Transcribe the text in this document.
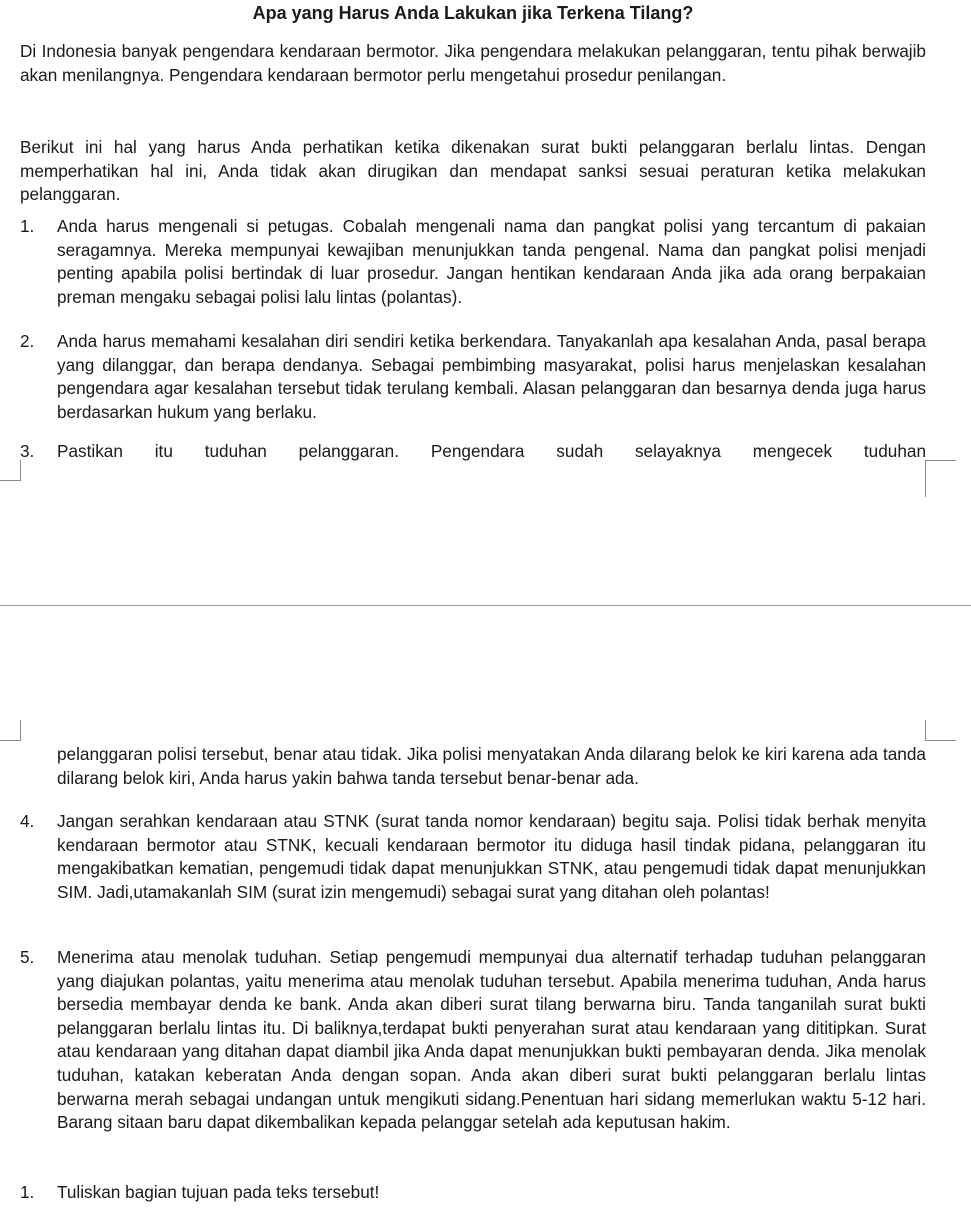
Apa yang Harus Anda Lakukan jika Terkena Tilang?

Di Indonesia banyak pengendara kendaraan bermotor. Jika pengendara melakukan pelanggaran, tentu pihak berwajib akan menilangnya. Pengendara kendaraan bermotor perlu mengetahui prosedur penilangan.

Berikut ini hal yang harus Anda perhatikan ketika dikenakan surat bukti pelanggaran berlalu lintas. Dengan memperhatikan hal ini, Anda tidak akan dirugikan dan mendapat sanksi sesuai peraturan ketika melakukan pelanggaran.

1. Anda harus mengenali si petugas. Cobalah mengenali nama dan pangkat polisi yang tercantum di pakaian seragamnya. Mereka mempunyai kewajiban menunjukkan tanda pengenal. Nama dan pangkat polisi menjadi penting apabila polisi bertindak di luar prosedur. Jangan hentikan kendaraan Anda jika ada orang berpakaian preman mengaku sebagai polisi lalu lintas (polantas).

2. Anda harus memahami kesalahan diri sendiri ketika berkendara. Tanyakanlah apa kesalahan Anda, pasal berapa yang dilanggar, dan berapa dendanya. Sebagai pembimbing masyarakat, polisi harus menjelaskan kesalahan pengendara agar kesalahan tersebut tidak terulang kembali. Alasan pelanggaran dan besarnya denda juga harus berdasarkan hukum yang berlaku.

3. Pastikan itu tuduhan pelanggaran. Pengendara sudah selayaknya mengecek tuduhan

pelanggaran polisi tersebut, benar atau tidak. Jika polisi menyatakan Anda dilarang belok ke kiri karena ada tanda dilarang belok kiri, Anda harus yakin bahwa tanda tersebut benar-benar ada.

4. Jangan serahkan kendaraan atau STNK (surat tanda nomor kendaraan) begitu saja. Polisi tidak berhak menyita kendaraan bermotor atau STNK, kecuali kendaraan bermotor itu diduga hasil tindak pidana, pelanggaran itu mengakibatkan kematian, pengemudi tidak dapat menunjukkan STNK, atau pengemudi tidak dapat menunjukkan SIM. Jadi,utamakanlah SIM (surat izin mengemudi) sebagai surat yang ditahan oleh polantas!

5. Menerima atau menolak tuduhan. Setiap pengemudi mempunyai dua alternatif terhadap tuduhan pelanggaran yang diajukan polantas, yaitu menerima atau menolak tuduhan tersebut. Apabila menerima tuduhan, Anda harus bersedia membayar denda ke bank. Anda akan diberi surat tilang berwarna biru. Tanda tanganilah surat bukti pelanggaran berlalu lintas itu. Di baliknya,terdapat bukti penyerahan surat atau kendaraan yang dititipkan. Surat atau kendaraan yang ditahan dapat diambil jika Anda dapat menunjukkan bukti pembayaran denda. Jika menolak tuduhan, katakan keberatan Anda dengan sopan. Anda akan diberi surat bukti pelanggaran berlalu lintas berwarna merah sebagai undangan untuk mengikuti sidang.Penentuan hari sidang memerlukan waktu 5-12 hari. Barang sitaan baru dapat dikembalikan kepada pelanggar setelah ada keputusan hakim.

1. Tuliskan bagian tujuan pada teks tersebut!
